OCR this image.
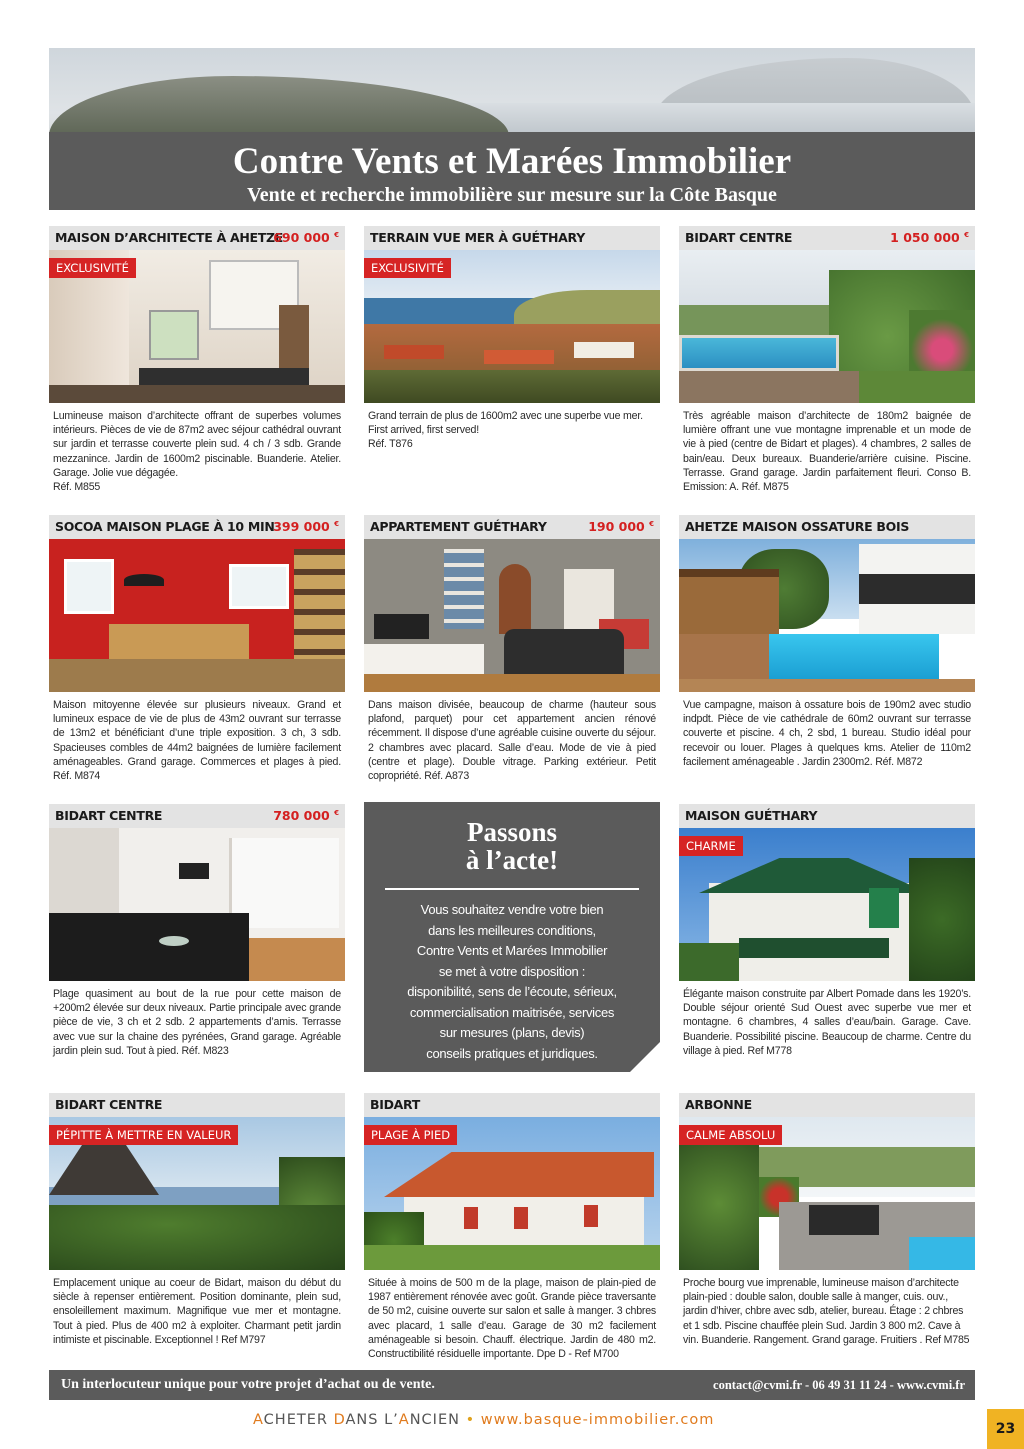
Contre Vents et Marées Immobilier
Vente et recherche immobilière sur mesure sur la Côte Basque
MAISON D’ARCHITECTE À AHETZE
690 000 €
EXCLUSIVITÉ
Lumineuse maison d’architecte offrant de superbes volumes intérieurs. Pièces de vie de 87m2 avec séjour cathédral ouvrant sur jardin et terrasse couverte plein sud. 4 ch / 3 sdb. Grande mezzanince. Jardin de 1600m2 piscinable. Buanderie. Atelier. Garage. Jolie vue dégagée.
Réf. M855
TERRAIN VUE MER À GUÉTHARY
EXCLUSIVITÉ
Grand terrain de plus de 1600m2 avec une superbe vue mer. First arrived, first served!
Réf. T876
BIDART CENTRE	1 050 000 €
Très agréable maison d’architecte de 180m2 baignée de lumière offrant une vue montagne imprenable et un mode de vie à pied (centre de Bidart et plages). 4 chambres, 2 salles de bain/eau. Deux bureaux. Buanderie/arrière cuisine. Piscine. Terrasse. Grand garage. Jardin parfaitement fleuri. Conso B. Emission: A. Réf. M875
SOCOA MAISON PLAGE À 10 MIN
399 000 €
Maison mitoyenne élevée sur plusieurs niveaux. Grand et lumineux espace de vie de plus de 43m2 ouvrant sur terrasse de 13m2 et bénéficiant d’une triple exposition. 3 ch, 3 sdb. Spacieuses combles de 44m2 baignées de lumière facilement aménageables. Grand garage. Commerces et plages à pied. Réf. M874
APPARTEMENT GUÉTHARY	190 000 €
Dans maison divisée, beaucoup de charme (hauteur sous plafond, parquet) pour cet appartement ancien rénové récemment. Il dispose d’une agréable cuisine ouverte du séjour. 2 chambres avec placard. Salle d’eau. Mode de vie à pied (centre et plage). Double vitrage. Parking extérieur. Petit copropriété. Réf. A873
AHETZE MAISON OSSATURE BOIS
Vue campagne, maison à ossature bois de 190m2 avec studio indpdt. Pièce de vie cathédrale de 60m2 ouvrant sur terrasse couverte et piscine. 4 ch, 2 sbd, 1 bureau. Studio idéal pour recevoir ou louer. Plages à quelques kms. Atelier de 110m2 facilement aménageable . Jardin 2300m2. Réf. M872
BIDART CENTRE	780 000 €
Plage quasiment au bout de la rue pour cette maison de +200m2 élevée sur deux niveaux. Partie principale avec grande pièce de vie, 3 ch et 2 sdb. 2 appartements d’amis. Terrasse avec vue sur la chaine des pyrénées, Grand garage. Agréable jardin plein sud. Tout à pied. Réf. M823
Passons
à l’acte!
Vous souhaitez vendre votre bien
dans les meilleures conditions,
Contre Vents et Marées Immobilier
se met à votre disposition :
disponibilité, sens de l’écoute, sérieux,
commercialisation maitrisée, services
sur mesures (plans, devis)
conseils pratiques et juridiques.
MAISON GUÉTHARY
CHARME
Élégante maison construite par Albert Pomade dans les 1920’s. Double séjour orienté Sud Ouest avec superbe vue mer et montagne. 6 chambres, 4 salles d’eau/bain. Garage. Cave. Buanderie. Possibilité piscine. Beaucoup de charme. Centre du village à pied. Ref M778
BIDART CENTRE
PÉPITTE À METTRE EN VALEUR
Emplacement unique au coeur de Bidart, maison du début du siècle à repenser entièrement. Position dominante, plein sud, ensoleillement maximum. Magnifique vue mer et montagne. Tout à pied. Plus de 400 m2 à exploiter. Charmant petit jardin intimiste et piscinable. Exceptionnel ! Ref M797
BIDART
PLAGE À PIED
Située à moins de 500 m de la plage, maison de plain-pied de 1987 entièrement rénovée avec goût. Grande pièce traversante de 50 m2, cuisine ouverte sur salon et salle à manger. 3 chbres avec placard, 1 salle d’eau. Garage de 30 m2 facilement aménageable si besoin. Chauff. électrique. Jardin de 480 m2. Constructibilité résiduelle importante. Dpe D - Ref M700
ARBONNE
CALME ABSOLU
Proche bourg vue imprenable, lumineuse maison d’architecte plain-pied : double salon, double salle à manger, cuis. ouv., jardin d’hiver, chbre avec sdb, atelier, bureau. Étage : 2 chbres et 1 sdb. Piscine chauffée plein Sud. Jardin 3 800 m2. Cave à vin. Buanderie. Rangement. Grand garage. Fruitiers . Ref M785
Un interlocuteur unique pour votre projet d’achat ou de vente.	contact@cvmi.fr - 06 49 31 11 24 - www.cvmi.fr
ACHETER DANS L’ANCIEN • www.basque-immobilier.com
23
